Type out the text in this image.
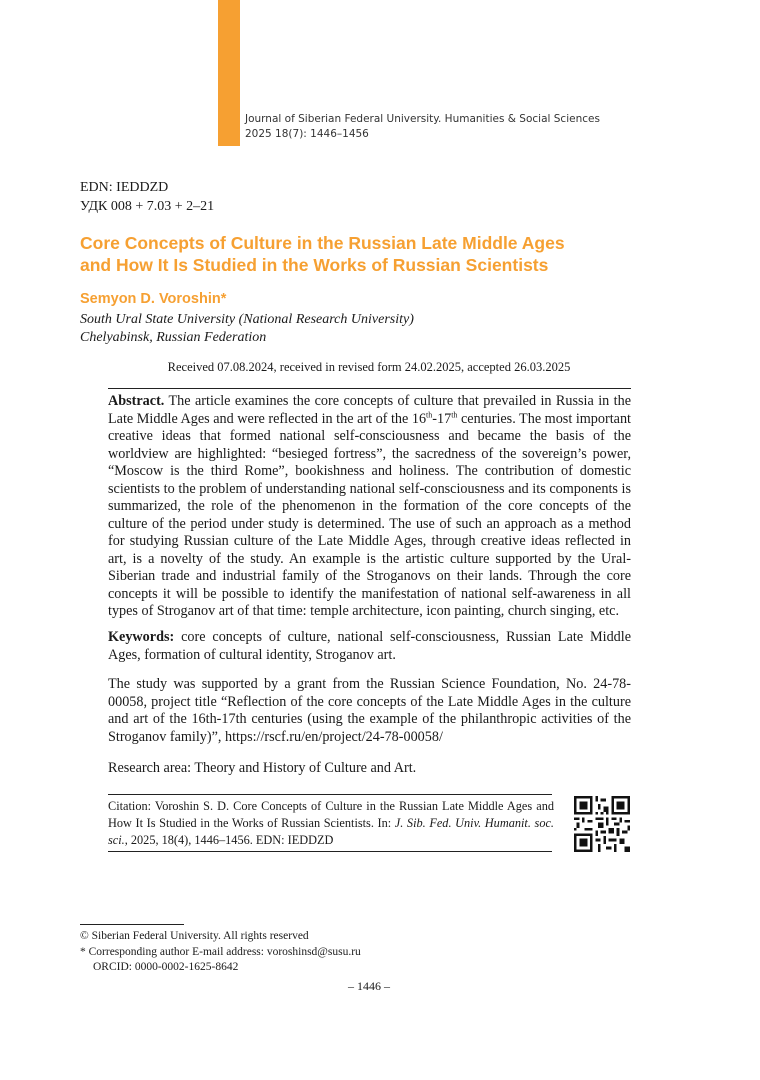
Journal of Siberian Federal University. Humanities & Social Sciences
2025 18(7): 1446–1456
EDN: IEDDZD
УДК 008 + 7.03 + 2–21
Core Concepts of Culture in the Russian Late Middle Ages
and How It Is Studied in the Works of Russian Scientists
Semyon D. Voroshin*
South Ural State University (National Research University)
Chelyabinsk, Russian Federation
Received 07.08.2024, received in revised form 24.02.2025, accepted 26.03.2025
Abstract. The article examines the core concepts of culture that prevailed in Russia in the Late Middle Ages and were reflected in the art of the 16th-17th centuries. The most important creative ideas that formed national self-consciousness and became the basis of the worldview are highlighted: “besieged fortress”, the sacredness of the sovereign’s power, “Moscow is the third Rome”, bookishness and holiness. The contribution of domestic scientists to the problem of understanding national self-consciousness and its components is summarized, the role of the phenomenon in the formation of the core concepts of the culture of the period under study is determined. The use of such an approach as a method for studying Russian culture of the Late Middle Ages, through creative ideas reflected in art, is a novelty of the study. An example is the artistic culture supported by the Ural-Siberian trade and industrial family of the Stroganovs on their lands. Through the core concepts it will be possible to identify the manifestation of national self-awareness in all types of Stroganov art of that time: temple architecture, icon painting, church singing, etc.
Keywords: core concepts of culture, national self-consciousness, Russian Late Middle Ages, formation of cultural identity, Stroganov art.
The study was supported by a grant from the Russian Science Foundation, No. 24-78-00058, project title “Reflection of the core concepts of the Late Middle Ages in the culture and art of the 16th-17th centuries (using the example of the philanthropic activities of the Stroganov family)”, https://rscf.ru/en/project/24-78-00058/
Research area: Theory and History of Culture and Art.
Citation: Voroshin S. D. Core Concepts of Culture in the Russian Late Middle Ages and How It Is Studied in the Works of Russian Scientists. In: J. Sib. Fed. Univ. Humanit. soc. sci., 2025, 18(4), 1446–1456. EDN: IEDDZD
© Siberian Federal University. All rights reserved
* Corresponding author E-mail address: voroshinsd@susu.ru
ORCID: 0000-0002-1625-8642
– 1446 –
